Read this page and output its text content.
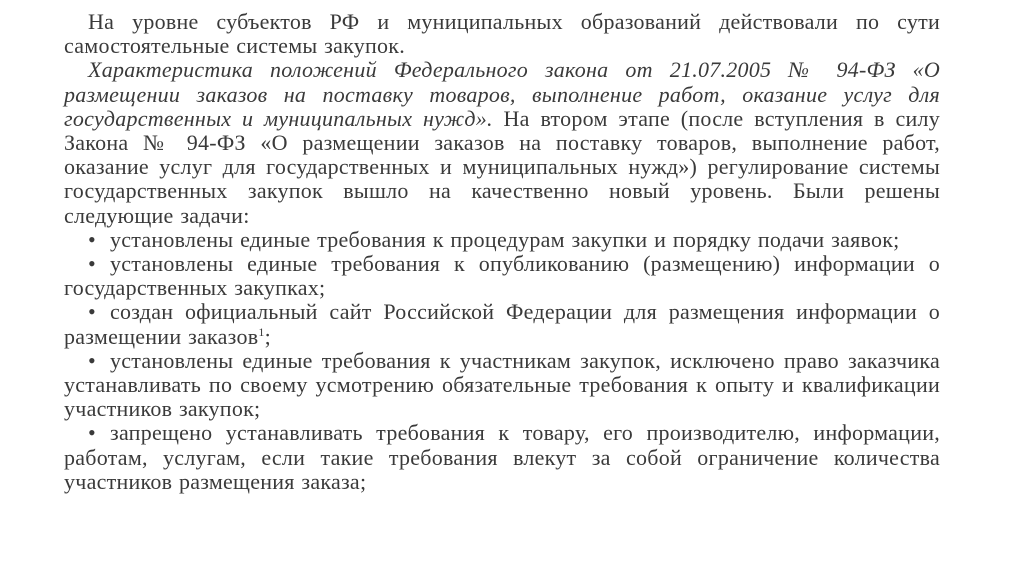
На уровне субъектов РФ и муниципальных образований действовали по сути самостоятельные системы закупок.

Характеристика положений Федерального закона от 21.07.2005 № 94-ФЗ «О размещении заказов на поставку товаров, выполнение работ, оказание услуг для государственных и муниципальных нужд». На втором этапе (после вступления в силу Закона № 94-ФЗ «О размещении заказов на поставку товаров, выполнение работ, оказание услуг для государственных и муниципальных нужд») регулирование системы государственных закупок вышло на качественно новый уровень. Были решены следующие задачи:

• установлены единые требования к процедурам закупки и порядку подачи заявок;

• установлены единые требования к опубликованию (размещению) информации о государственных закупках;

• создан официальный сайт Российской Федерации для размещения информации о размещении заказов$^1$;

• установлены единые требования к участникам закупок, исключено право заказчика устанавливать по своему усмотрению обязательные требования к опыту и квалификации участников закупок;

• запрещено устанавливать требования к товару, его производителю, информации, работам, услугам, если такие требования влекут за собой ограничение количества участников размещения заказа;
